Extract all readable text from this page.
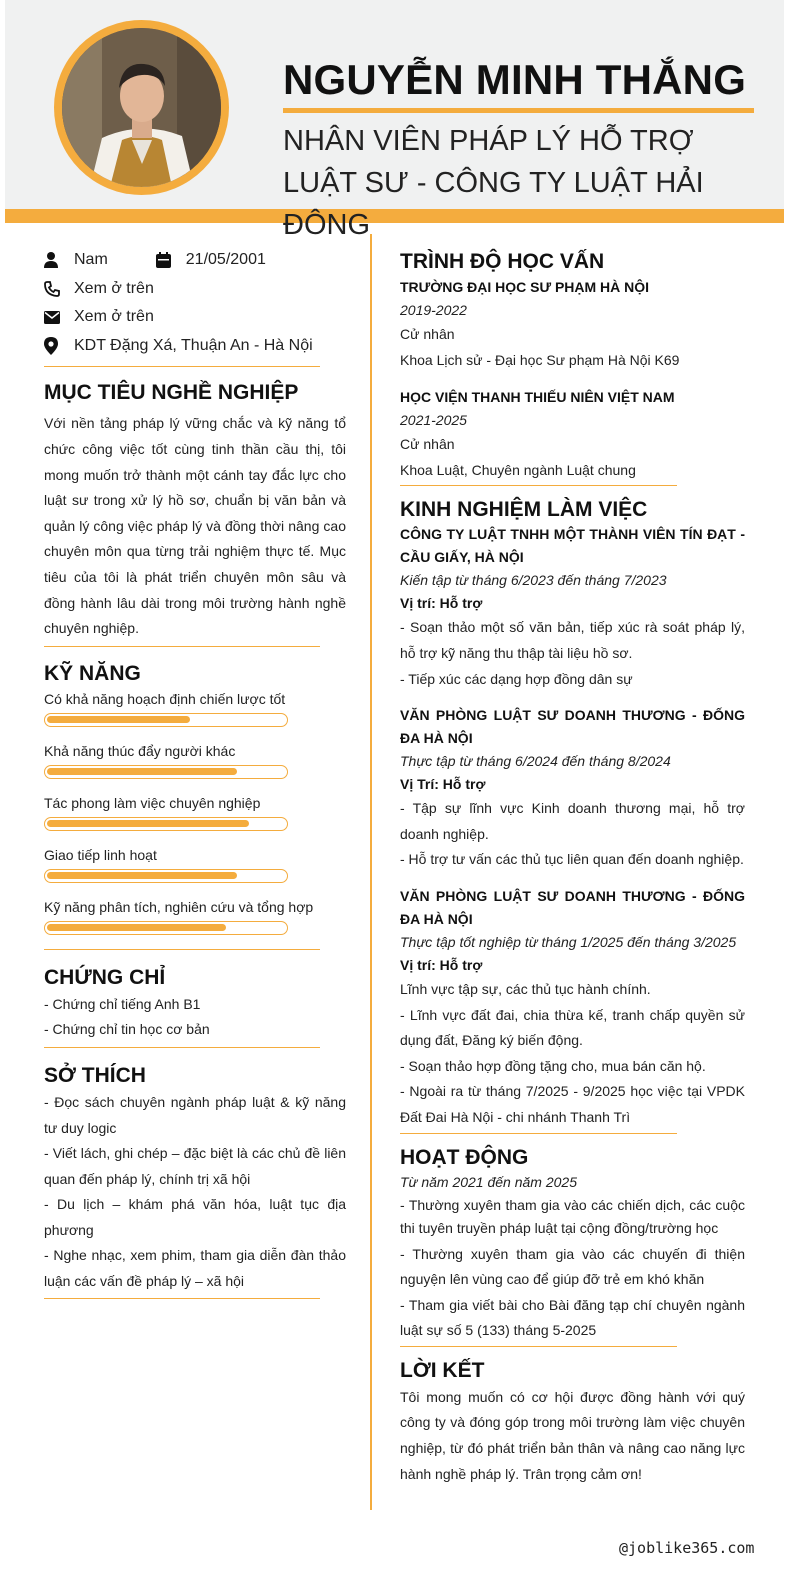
NGUYỄN MINH THẮNG
NHÂN VIÊN PHÁP LÝ HỖ TRỢ LUẬT SƯ - CÔNG TY LUẬT HẢI ĐÔNG
Nam	21/05/2001
Xem ở trên
Xem ở trên
KDT Đặng Xá, Thuận An - Hà Nội
MỤC TIÊU NGHỀ NGHIỆP
Với nền tảng pháp lý vững chắc và kỹ năng tổ chức công việc tốt cùng tinh thần cầu thị, tôi mong muốn trở thành một cánh tay đắc lực cho luật sư trong xử lý hồ sơ, chuẩn bị văn bản và quản lý công việc pháp lý và đồng thời nâng cao chuyên môn qua từng trải nghiệm thực tế. Mục tiêu của tôi là phát triển chuyên môn sâu và đồng hành lâu dài trong môi trường hành nghề chuyên nghiệp.
KỸ NĂNG
Có khả năng hoạch định chiến lược tốt
Khả năng thúc đẩy người khác
Tác phong làm việc chuyên nghiệp
Giao tiếp linh hoạt
Kỹ năng phân tích, nghiên cứu và tổng hợp
CHỨNG CHỈ
- Chứng chỉ tiếng Anh B1
- Chứng chỉ tin học cơ bản
SỞ THÍCH
- Đọc sách chuyên ngành pháp luật & kỹ năng tư duy logic
- Viết lách, ghi chép – đặc biệt là các chủ đề liên quan đến pháp lý, chính trị xã hội
- Du lịch – khám phá văn hóa, luật tục địa phương
- Nghe nhạc, xem phim, tham gia diễn đàn thảo luận các vấn đề pháp lý – xã hội
TRÌNH ĐỘ HỌC VẤN
TRƯỜNG ĐẠI HỌC SƯ PHẠM HÀ NỘI
2019-2022
Cử nhân
Khoa Lịch sử - Đại học Sư phạm Hà Nội K69
HỌC VIỆN THANH THIẾU NIÊN VIỆT NAM
2021-2025
Cử nhân
Khoa Luật, Chuyên ngành Luật chung
KINH NGHIỆM LÀM VIỆC
CÔNG TY LUẬT TNHH MỘT THÀNH VIÊN TÍN ĐẠT - CẦU GIẤY, HÀ NỘI
Kiến tập từ tháng 6/2023 đến tháng 7/2023
Vị trí: Hỗ trợ
- Soạn thảo một số văn bản, tiếp xúc rà soát pháp lý, hỗ trợ kỹ năng thu thập tài liệu hồ sơ.
- Tiếp xúc các dạng hợp đồng dân sự
VĂN PHÒNG LUẬT SƯ DOANH THƯƠNG - ĐỐNG ĐA HÀ NỘI
Thực tập từ tháng 6/2024 đến tháng 8/2024
Vị Trí: Hỗ trợ
- Tập sự lĩnh vực Kinh doanh thương mại, hỗ trợ doanh nghiệp.
- Hỗ trợ tư vấn các thủ tục liên quan đến doanh nghiệp.
VĂN PHÒNG LUẬT SƯ DOANH THƯƠNG - ĐỐNG ĐA HÀ NỘI
Thực tập tốt nghiệp từ tháng 1/2025 đến tháng 3/2025
Vị trí: Hỗ trợ
Lĩnh vực tập sự, các thủ tục hành chính.
- Lĩnh vực đất đai, chia thừa kế, tranh chấp quyền sử dụng đất, Đăng ký biến động.
- Soạn thảo hợp đồng tặng cho, mua bán căn hộ.
- Ngoài ra từ tháng 7/2025 - 9/2025 học việc tại VPDK Đất Đai Hà Nội - chi nhánh Thanh Trì
HOẠT ĐỘNG
Từ năm 2021 đến năm 2025
- Thường xuyên tham gia vào các chiến dịch, các cuộc thi tuyên truyền pháp luật tại cộng đồng/trường học
- Thường xuyên tham gia vào các chuyến đi thiện nguyện lên vùng cao để giúp đỡ trẻ em khó khăn
- Tham gia viết bài cho Bài đăng tạp chí chuyên ngành luật sự số 5 (133) tháng 5-2025
LỜI KẾT
Tôi mong muốn có cơ hội được đồng hành với quý công ty và đóng góp trong môi trường làm việc chuyên nghiệp, từ đó phát triển bản thân và nâng cao năng lực hành nghề pháp lý. Trân trọng cảm ơn!
@joblike365.com
